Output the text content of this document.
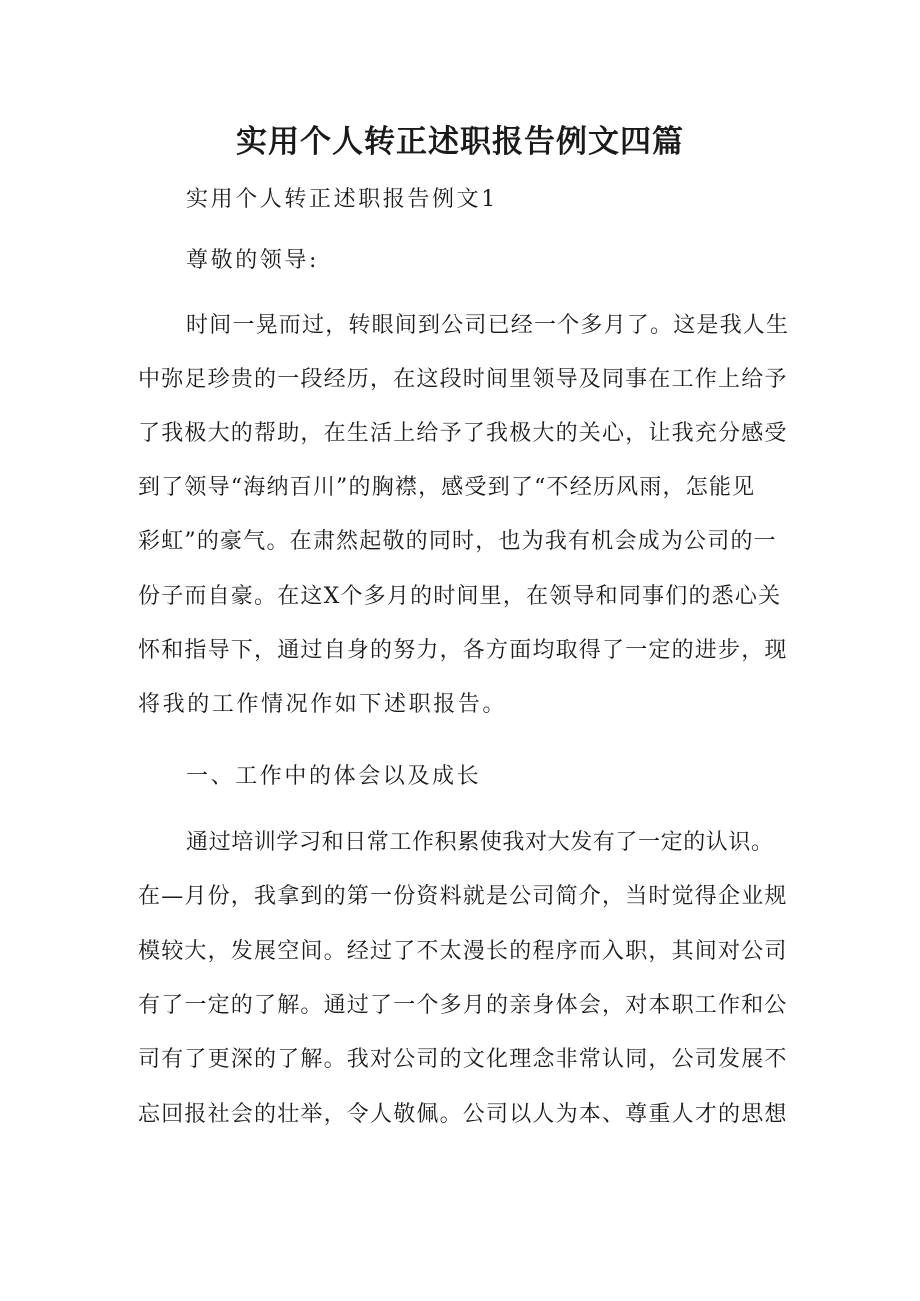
实用个人转正述职报告例文四篇

实用个人转正述职报告例文1

尊敬的领导:

时间一晃而过，转眼间到公司已经一个多月了。这是我人生

中弥足珍贵的一段经历，在这段时间里领导及同事在工作上给予

了我极大的帮助，在生活上给予了我极大的关心，让我充分感受

到了领导“海纳百川”的胸襟，感受到了“不经历风雨，怎能见

彩虹”的豪气。在肃然起敬的同时，也为我有机会成为公司的一

份子而自豪。在这X个多月的时间里，在领导和同事们的悉心关

怀和指导下，通过自身的努力，各方面均取得了一定的进步，现

将我的工作情况作如下述职报告。

一、工作中的体会以及成长

通过培训学习和日常工作积累使我对大发有了一定的认识。

在—月份，我拿到的第一份资料就是公司简介，当时觉得企业规

模较大，发展空间。经过了不太漫长的程序而入职，其间对公司

有了一定的了解。通过了一个多月的亲身体会，对本职工作和公

司有了更深的了解。我对公司的文化理念非常认同，公司发展不

忘回报社会的壮举，令人敬佩。公司以人为本、尊重人才的思想
